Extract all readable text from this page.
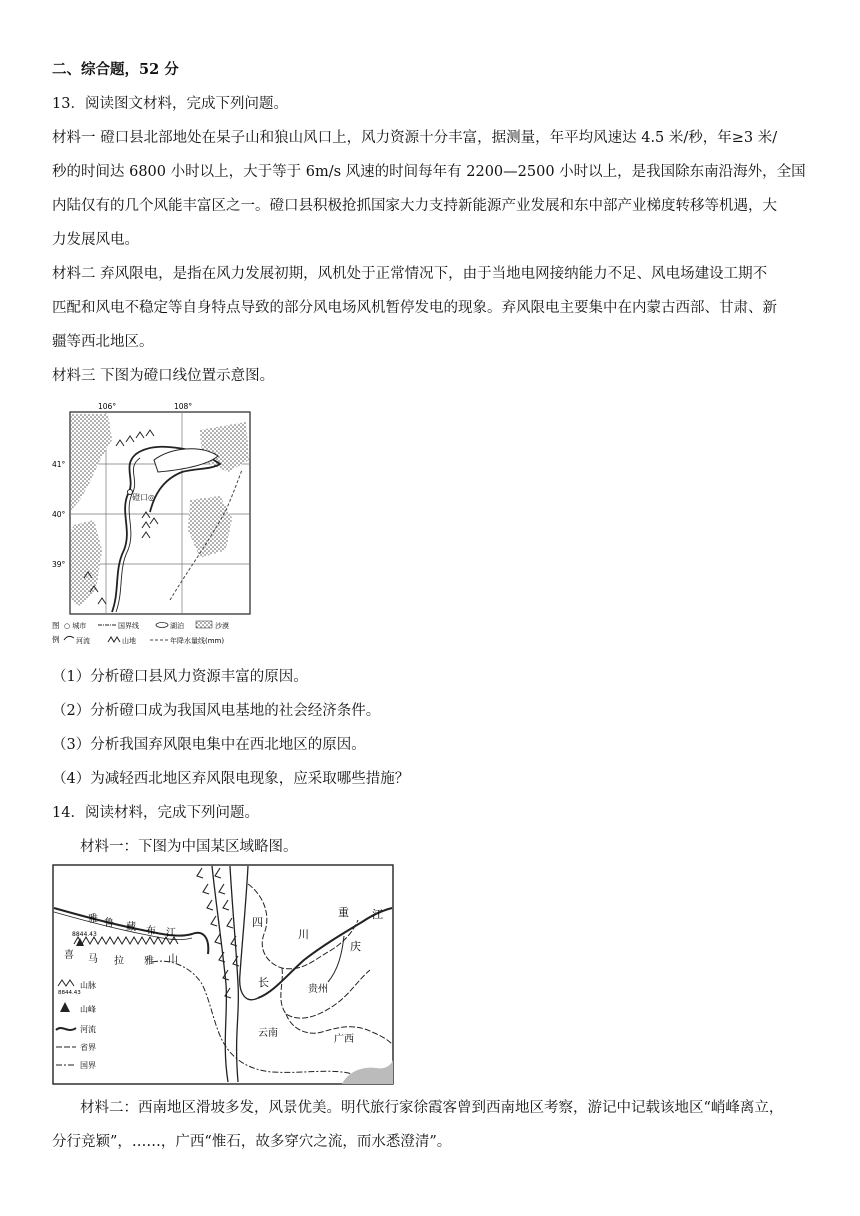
二、综合题，52 分
13．阅读图文材料，完成下列问题。
材料一 磴口县北部地处在杲子山和狼山风口上，风力资源十分丰富，据测量，年平均风速达 4.5 米/秒，年≥3 米/
秒的时间达 6800 小时以上，大于等于 6m/s 风速的时间每年有 2200—2500 小时以上，是我国除东南沿海外，全国
内陆仅有的几个风能丰富区之一。磴口县积极抢抓国家大力支持新能源产业发展和东中部产业梯度转移等机遇，大
力发展风电。
材料二 弃风限电，是指在风力发展初期，风机处于正常情况下，由于当地电网接纳能力不足、风电场建设工期不
匹配和风电不稳定等自身特点导致的部分风电场风机暂停发电的现象。弃风限电主要集中在内蒙古西部、甘肃、新
疆等西北地区。
材料三 下图为磴口线位置示意图。
磴口◎
106°	108°
41°
40°
39°
图
例
○ 城市	国界线	湖泊	沙漠
河流	山地	年降水量线(mm)
（1）分析磴口县风力资源丰富的原因。
（2）分析磴口成为我国风电基地的社会经济条件。
（3）分析我国弃风限电集中在西北地区的原因。
（4）为减轻西北地区弃风限电现象，应采取哪些措施？
14．阅读材料，完成下列问题。
材料一：下图为中国某区域略图。
雅 鲁 藏 布 江
8844.43
喜 马 拉 雅 山
四
川
重
庆
江
长
贵州
云南
广西
8844.43
山脉
山峰
河流
省界
国界
材料二：西南地区滑坡多发，风景优美。明代旅行家徐霞客曾到西南地区考察，游记中记载该地区“峭峰离立，
分行竞颖”，……，广西“惟石，故多穿穴之流，而水悉澄清”。
